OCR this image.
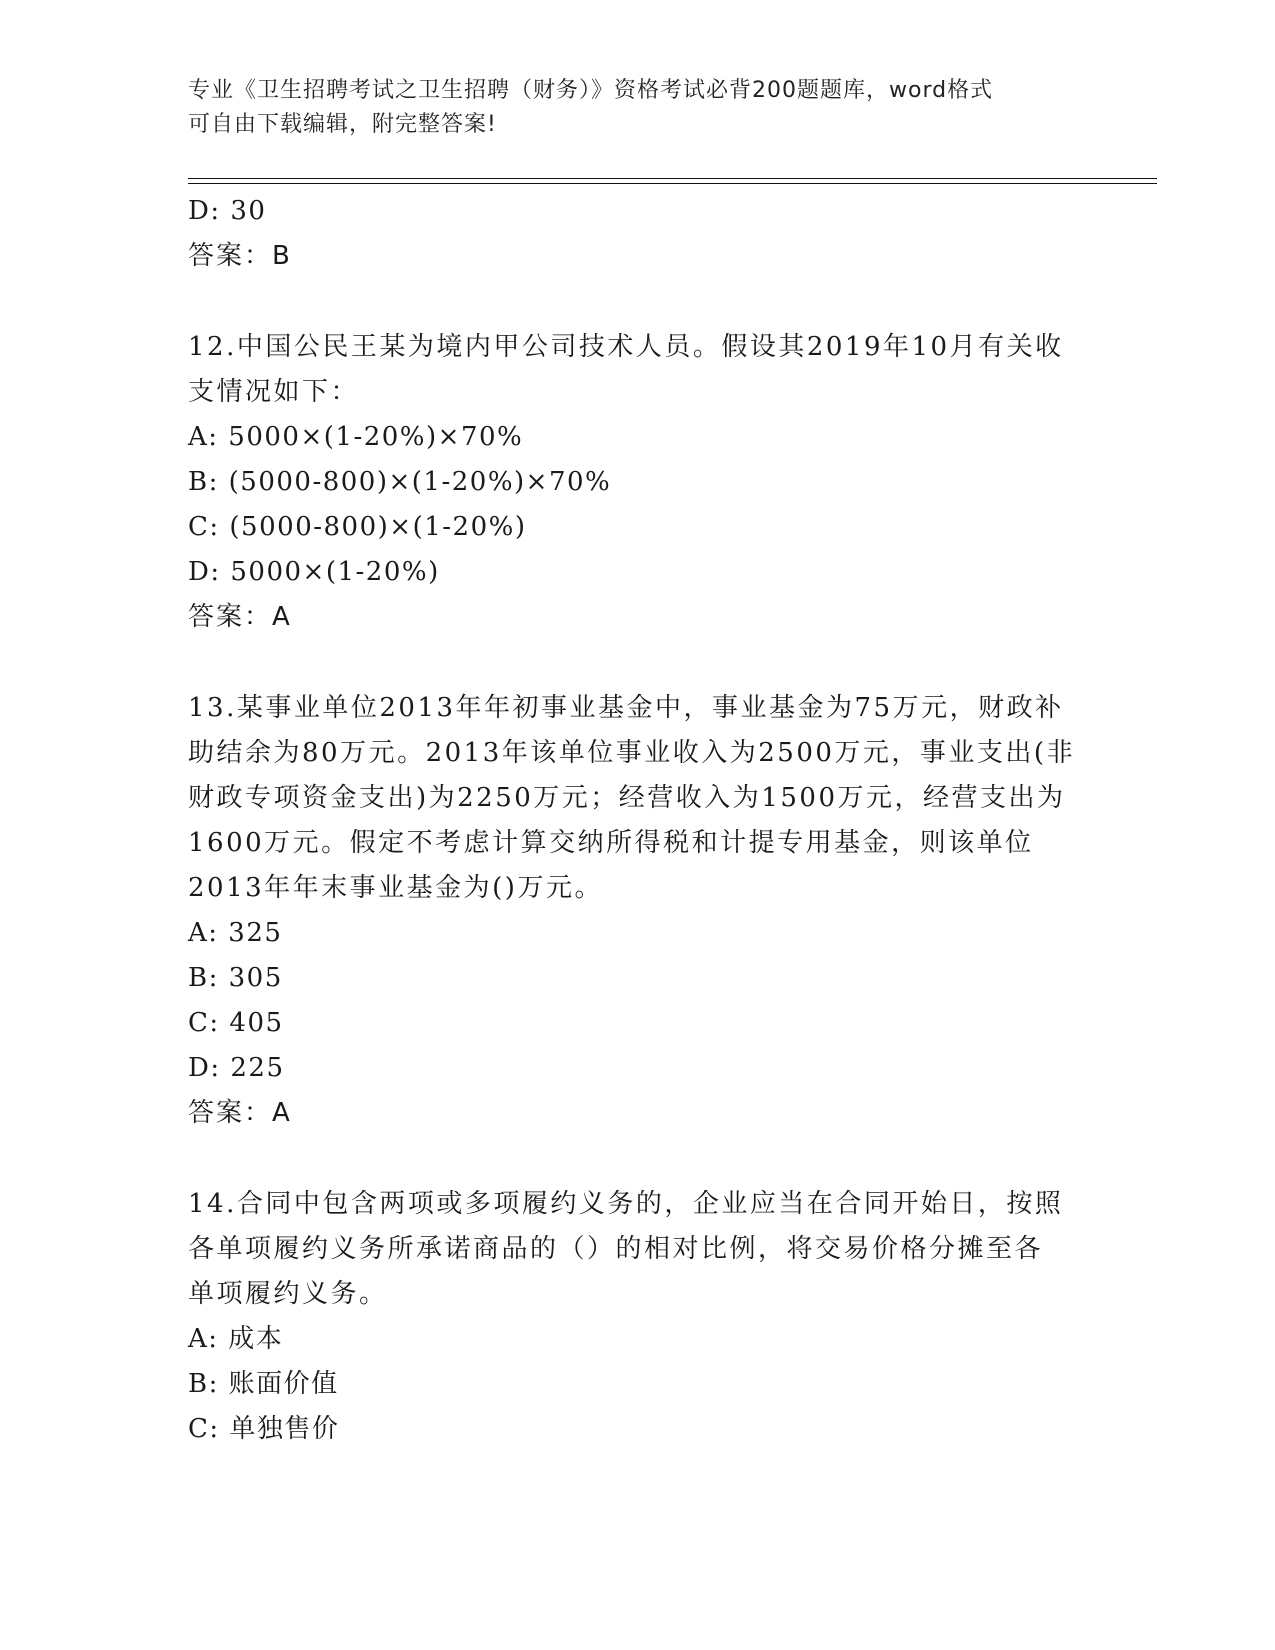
专业《卫生招聘考试之卫生招聘（财务）》资格考试必背200题题库，word格式
可自由下载编辑，附完整答案!
D: 30
答案：B
12.中国公民王某为境内甲公司技术人员。假设其2019年10月有关收
支情况如下：
A: 5000×(1-20%)×70%
B: (5000-800)×(1-20%)×70%
C: (5000-800)×(1-20%)
D: 5000×(1-20%)
答案：A
13.某事业单位2013年年初事业基金中，事业基金为75万元，财政补
助结余为80万元。2013年该单位事业收入为2500万元，事业支出(非
财政专项资金支出)为2250万元；经营收入为1500万元，经营支出为
1600万元。假定不考虑计算交纳所得税和计提专用基金，则该单位
2013年年末事业基金为()万元。
A: 325
B: 305
C: 405
D: 225
答案：A
14.合同中包含两项或多项履约义务的，企业应当在合同开始日，按照
各单项履约义务所承诺商品的（）的相对比例，将交易价格分摊至各
单项履约义务。
A: 成本
B: 账面价值
C: 单独售价
